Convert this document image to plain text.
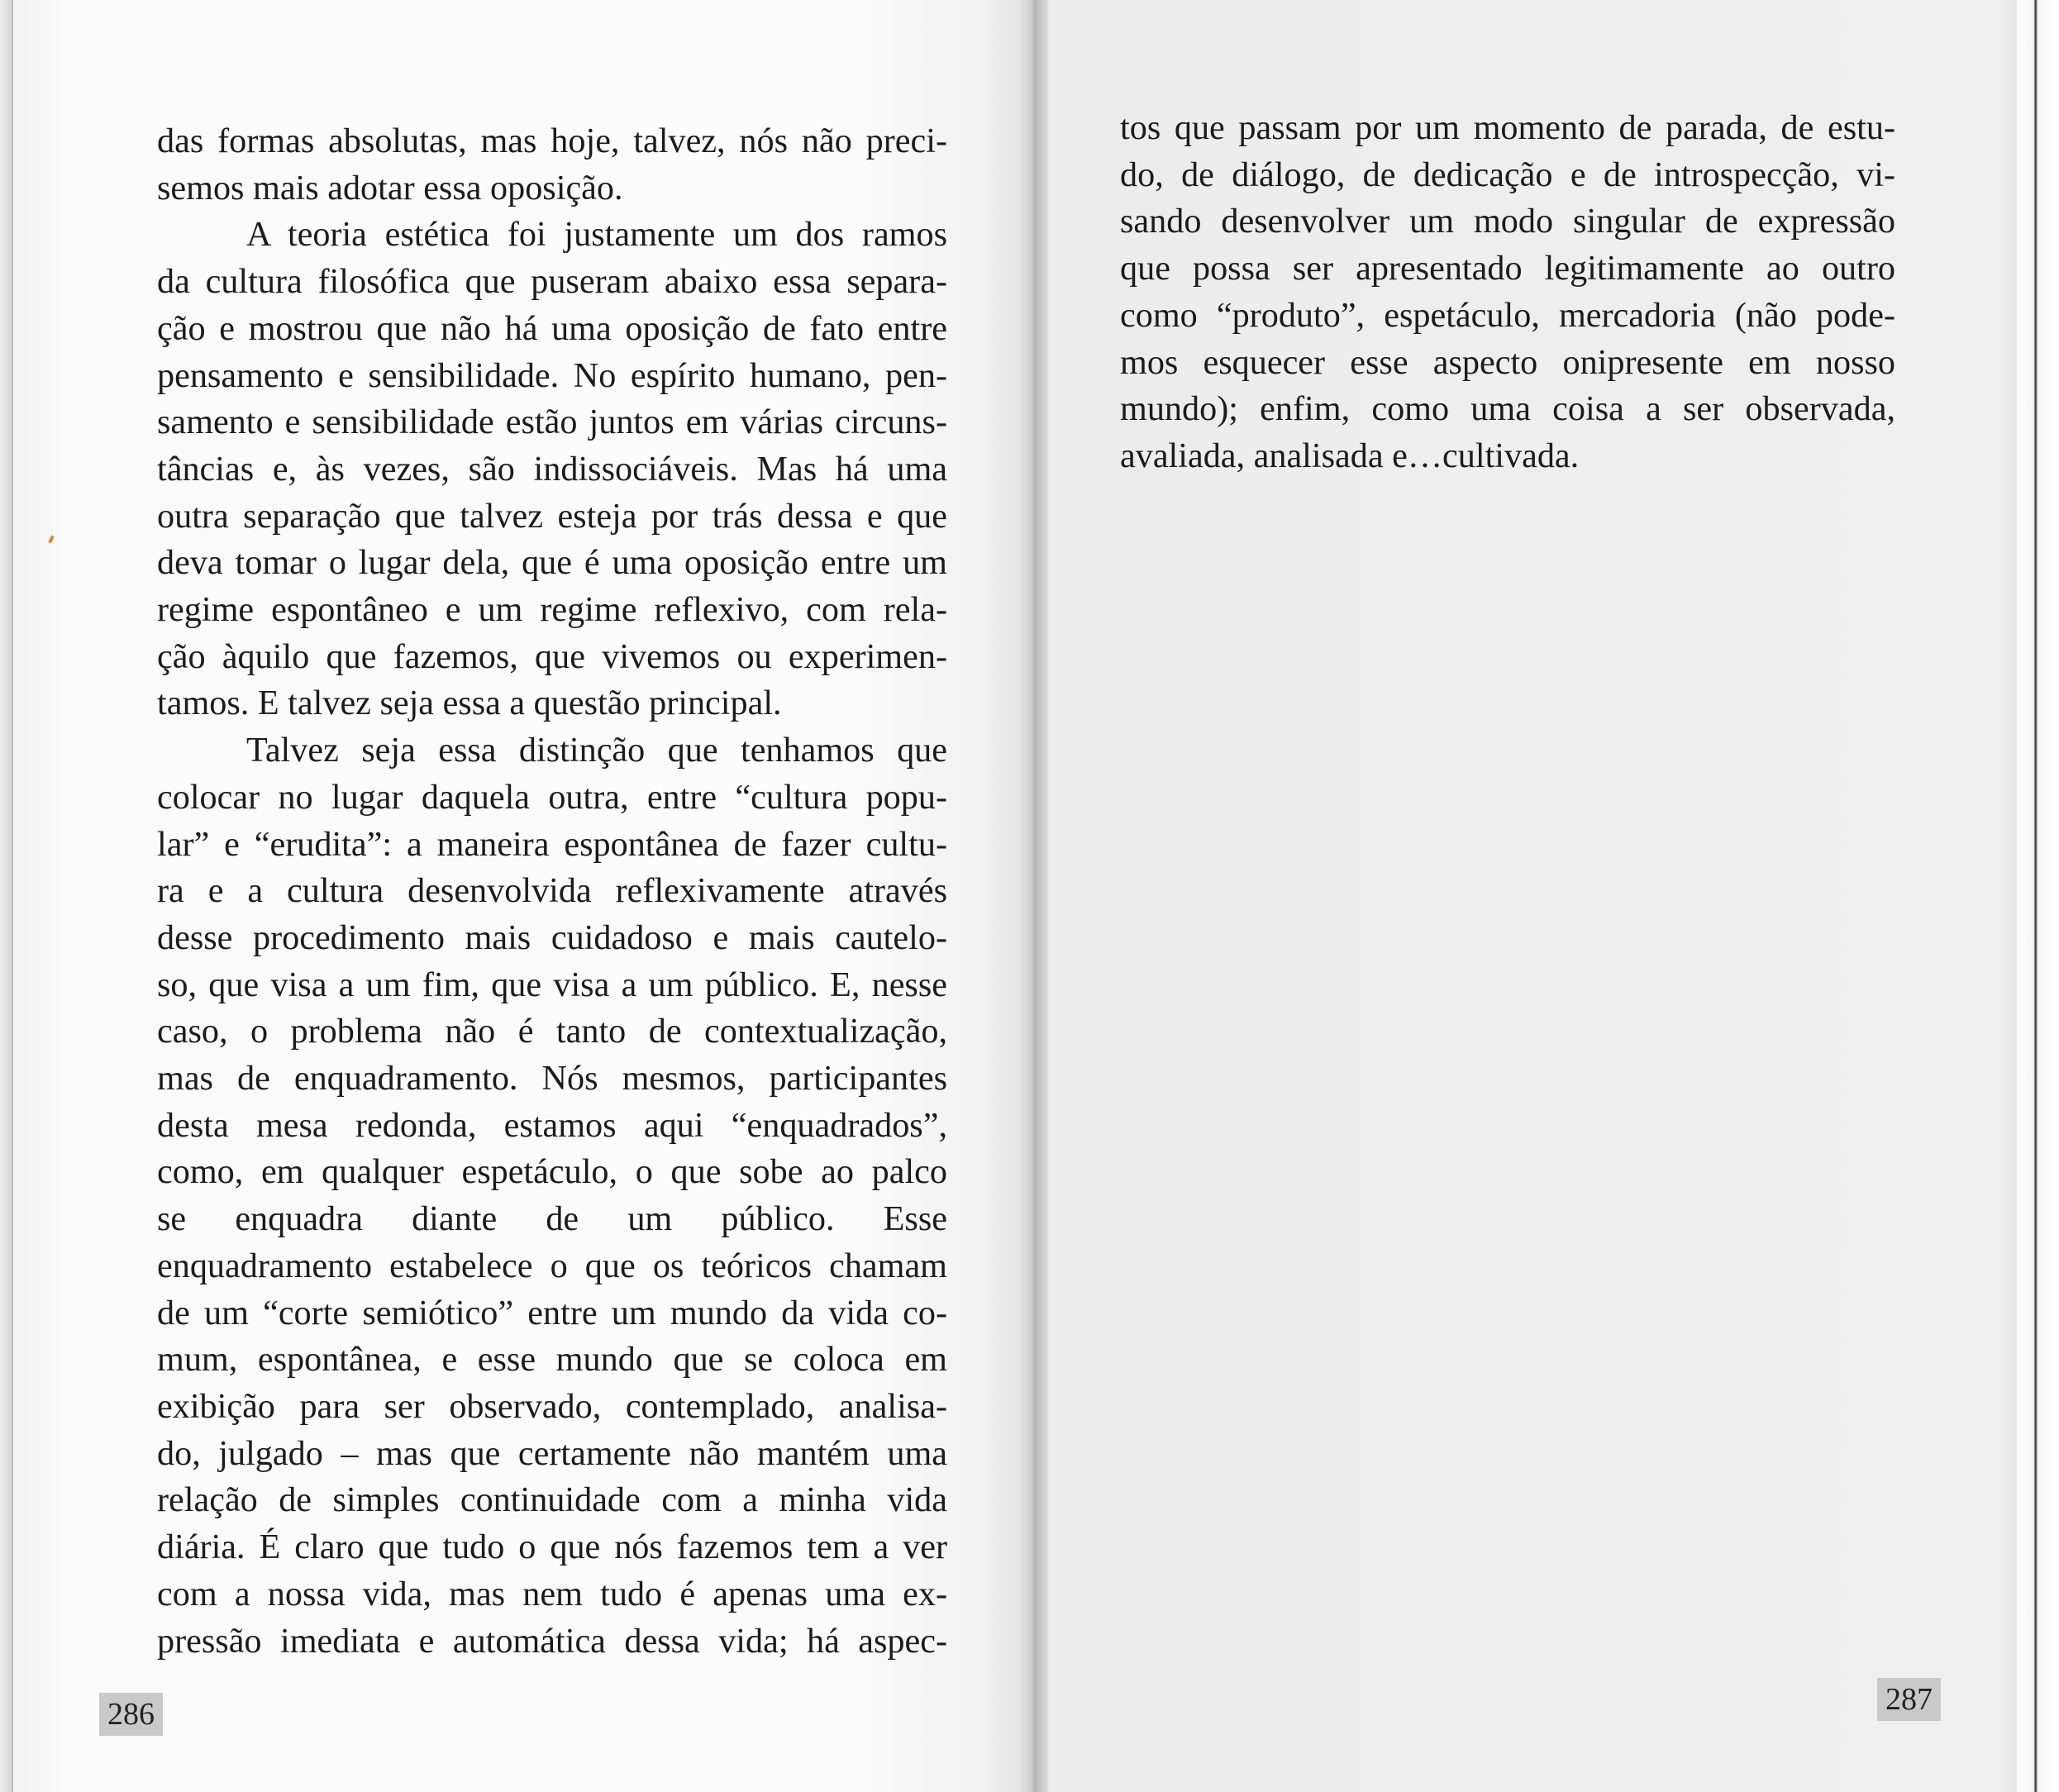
das formas absolutas, mas hoje, talvez, nós não preci-
semos mais adotar essa oposição.
A teoria estética foi justamente um dos ramos
da cultura filosófica que puseram abaixo essa separa-
ção e mostrou que não há uma oposição de fato entre
pensamento e sensibilidade. No espírito humano, pen-
samento e sensibilidade estão juntos em várias circuns-
tâncias e, às vezes, são indissociáveis. Mas há uma
outra separação que talvez esteja por trás dessa e que
deva tomar o lugar dela, que é uma oposição entre um
regime espontâneo e um regime reflexivo, com rela-
ção àquilo que fazemos, que vivemos ou experimen-
tamos. E talvez seja essa a questão principal.
Talvez seja essa distinção que tenhamos que
colocar no lugar daquela outra, entre “cultura popu-
lar” e “erudita”: a maneira espontânea de fazer cultu-
ra e a cultura desenvolvida reflexivamente através
desse procedimento mais cuidadoso e mais cautelo-
so, que visa a um fim, que visa a um público. E, nesse
caso, o problema não é tanto de contextualização,
mas de enquadramento. Nós mesmos, participantes
desta mesa redonda, estamos aqui “enquadrados”,
como, em qualquer espetáculo, o que sobe ao palco
se enquadra diante de um público. Esse
enquadramento estabelece o que os teóricos chamam
de um “corte semiótico” entre um mundo da vida co-
mum, espontânea, e esse mundo que se coloca em
exibição para ser observado, contemplado, analisa-
do, julgado – mas que certamente não mantém uma
relação de simples continuidade com a minha vida
diária. É claro que tudo o que nós fazemos tem a ver
com a nossa vida, mas nem tudo é apenas uma ex-
pressão imediata e automática dessa vida; há aspec-
tos que passam por um momento de parada, de estu-
do, de diálogo, de dedicação e de introspecção, vi-
sando desenvolver um modo singular de expressão
que possa ser apresentado legitimamente ao outro
como “produto”, espetáculo, mercadoria (não pode-
mos esquecer esse aspecto onipresente em nosso
mundo); enfim, como uma coisa a ser observada,
avaliada, analisada e…cultivada.
286	287
